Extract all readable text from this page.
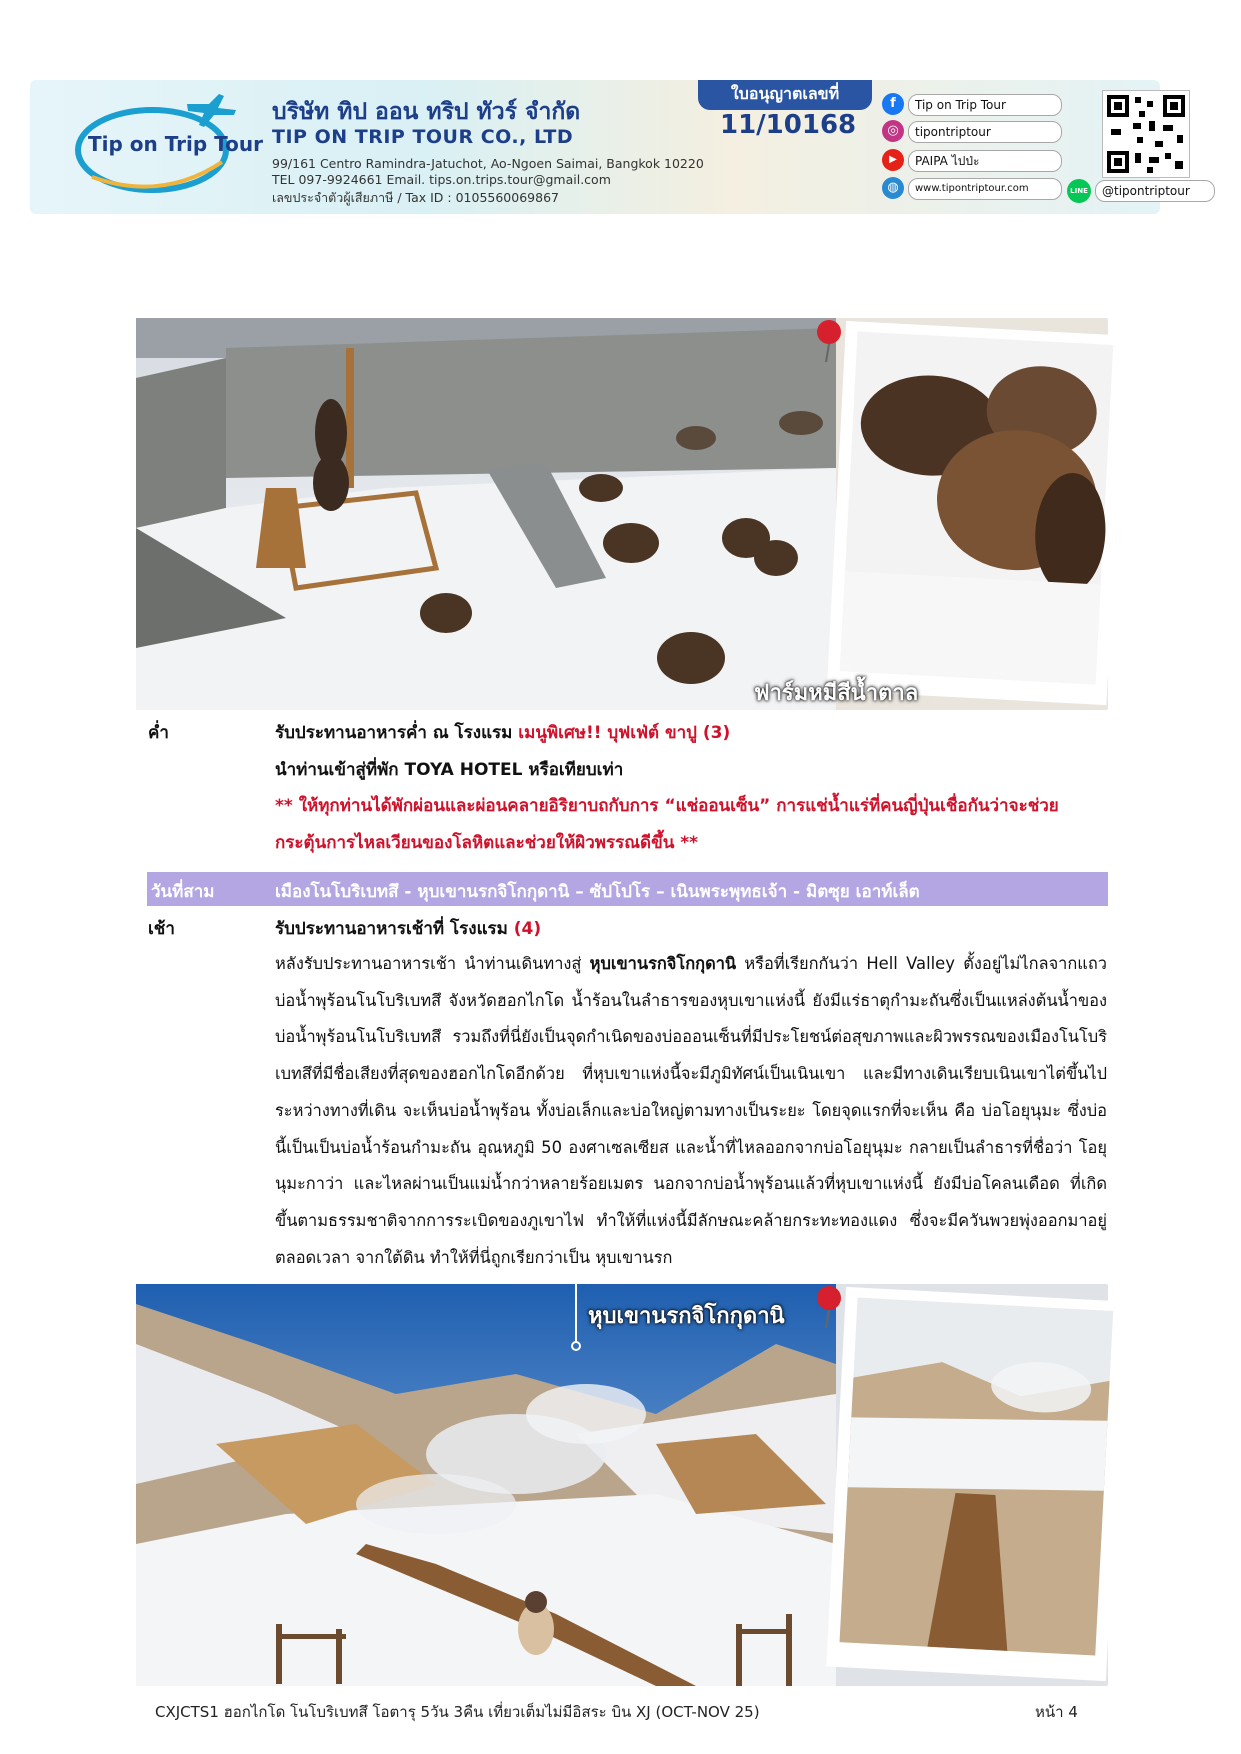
Tip on Trip Tour
บริษัท ทิป ออน ทริป ทัวร์ จำกัด
TIP ON TRIP TOUR CO., LTD
99/161 Centro Ramindra-Jatuchot, Ao-Ngoen Saimai, Bangkok 10220
TEL 097-9924661 Email. tips.on.trips.tour@gmail.com
เลขประจำตัวผู้เสียภาษี / Tax ID : 0105560069867
ใบอนุญาตเลขที่
11/10168
f	Tip on Trip Tour
◎	tipontriptour
▶	PAIPA ไปป่ะ
◍	www.tipontriptour.com	LINE	@tipontriptour
ฟาร์มหมีสีน้ำตาล
ค่ำ	รับประทานอาหารค่ำ ณ โรงแรม เมนูพิเศษ!! บุฟเฟ่ต์ ขาปู (3)
นำท่านเข้าสู่ที่พัก TOYA HOTEL หรือเทียบเท่า
** ให้ทุกท่านได้พักผ่อนและผ่อนคลายอิริยาบถกับการ “แช่ออนเซ็น” การแช่น้ำแร่ที่คนญี่ปุ่นเชื่อกันว่าจะช่วย
กระตุ้นการไหลเวียนของโลหิตและช่วยให้ผิวพรรณดีขึ้น **
วันที่สาม	เมืองโนโบริเบทสึ - หุบเขานรกจิโกกุดานิ – ซัปโปโร – เนินพระพุทธเจ้า - มิตซุย เอาท์เล็ต
เช้า	รับประทานอาหารเช้าที่ โรงแรม (4)
หลังรับประทานอาหารเช้า นำท่านเดินทางสู่ หุบเขานรกจิโกกุดานิ หรือที่เรียกกันว่า Hell Valley ตั้งอยู่ไม่ไกลจากแถวบ่อน้ำพุร้อนโนโบริเบทสึ จังหวัดฮอกไกโด น้ำร้อนในลำธารของหุบเขาแห่งนี้ ยังมีแร่ธาตุกำมะถันซึ่งเป็นแหล่งต้นน้ำของบ่อน้ำพุร้อนโนโบริเบทสึ รวมถึงที่นี่ยังเป็นจุดกำเนิดของบ่อออนเซ็นที่มีประโยชน์ต่อสุขภาพและผิวพรรณของเมืองโนโบริเบทสึที่มีชื่อเสียงที่สุดของฮอกไกโดอีกด้วย ที่หุบเขาแห่งนี้จะมีภูมิทัศน์เป็นเนินเขา และมีทางเดินเรียบเนินเขาไต่ขึ้นไป ระหว่างทางที่เดิน จะเห็นบ่อน้ำพุร้อน ทั้งบ่อเล็กและบ่อใหญ่ตามทางเป็นระยะ โดยจุดแรกที่จะเห็น คือ บ่อโอยุนุมะ ซึ่งบ่อนี้เป็นเป็นบ่อน้ำร้อนกำมะถัน อุณหภูมิ 50 องศาเซลเซียส และน้ำที่ไหลออกจากบ่อโอยุนุมะ กลายเป็นลำธารที่ชื่อว่า โอยุนุมะกาว่า และไหลผ่านเป็นแม่น้ำกว่าหลายร้อยเมตร นอกจากบ่อน้ำพุร้อนแล้วที่หุบเขาแห่งนี้ ยังมีบ่อโคลนเดือด ที่เกิดขึ้นตามธรรมชาติจากการระเบิดของภูเขาไฟ ทำให้ที่แห่งนี้มีลักษณะคล้ายกระทะทองแดง ซึ่งจะมีควันพวยพุ่งออกมาอยู่ตลอดเวลา จากใต้ดิน ทำให้ที่นี่ถูกเรียกว่าเป็น หุบเขานรก
หุบเขานรกจิโกกุดานิ
CXJCTS1 ฮอกไกโด โนโบริเบทสึ โอตารุ 5วัน 3คืน เที่ยวเต็มไม่มีอิสระ บิน XJ (OCT-NOV 25)	หน้า 4
